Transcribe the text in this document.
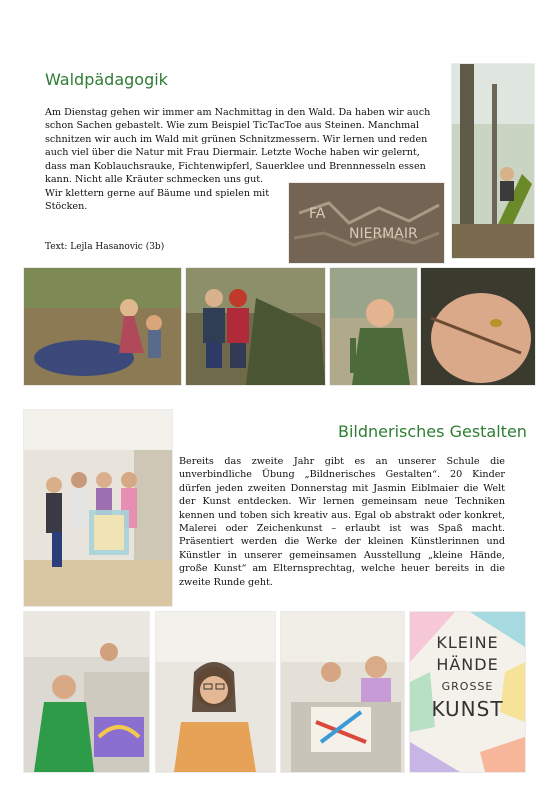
Waldpädagogik
Am Dienstag gehen wir immer am Nachmittag in den Wald. Da haben wir auch schon Sachen gebastelt. Wie zum Beispiel TicTacToe aus Steinen. Manchmal schnitzen wir auch im Wald mit grünen Schnitzmessern. Wir lernen und reden auch viel über die Natur mit Frau Diermair. Letzte Woche haben wir gelernt, dass man Koblauchsrauke, Fichtenwipferl, Sauerklee und Brennnesseln essen kann. Nicht alle Kräuter schmecken uns gut.
Wir klettern gerne auf Bäume und spielen mit Stöcken.
Text: Lejla Hasanovic (3b)
FA
NIERMAIR
Bildnerisches Gestalten
Bereits das zweite Jahr gibt es an unserer Schule die unverbindliche Übung „Bildnerisches Gestalten“. 20 Kinder dürfen jeden zweiten Donnerstag mit Jasmin Eiblmaier die Welt der Kunst entdecken. Wir lernen gemeinsam neue Techniken kennen und toben sich kreativ aus. Egal ob abstrakt oder konkret, Malerei oder Zeichenkunst – erlaubt ist was Spaß macht. Präsentiert werden die Werke der kleinen Künstlerinnen und Künstler in unserer gemeinsamen Ausstellung „kleine Hände, große Kunst“ am Elternsprechtag, welche heuer bereits in die zweite Runde geht.
KLEINE
HÄNDE
GROSSE
KUNST
